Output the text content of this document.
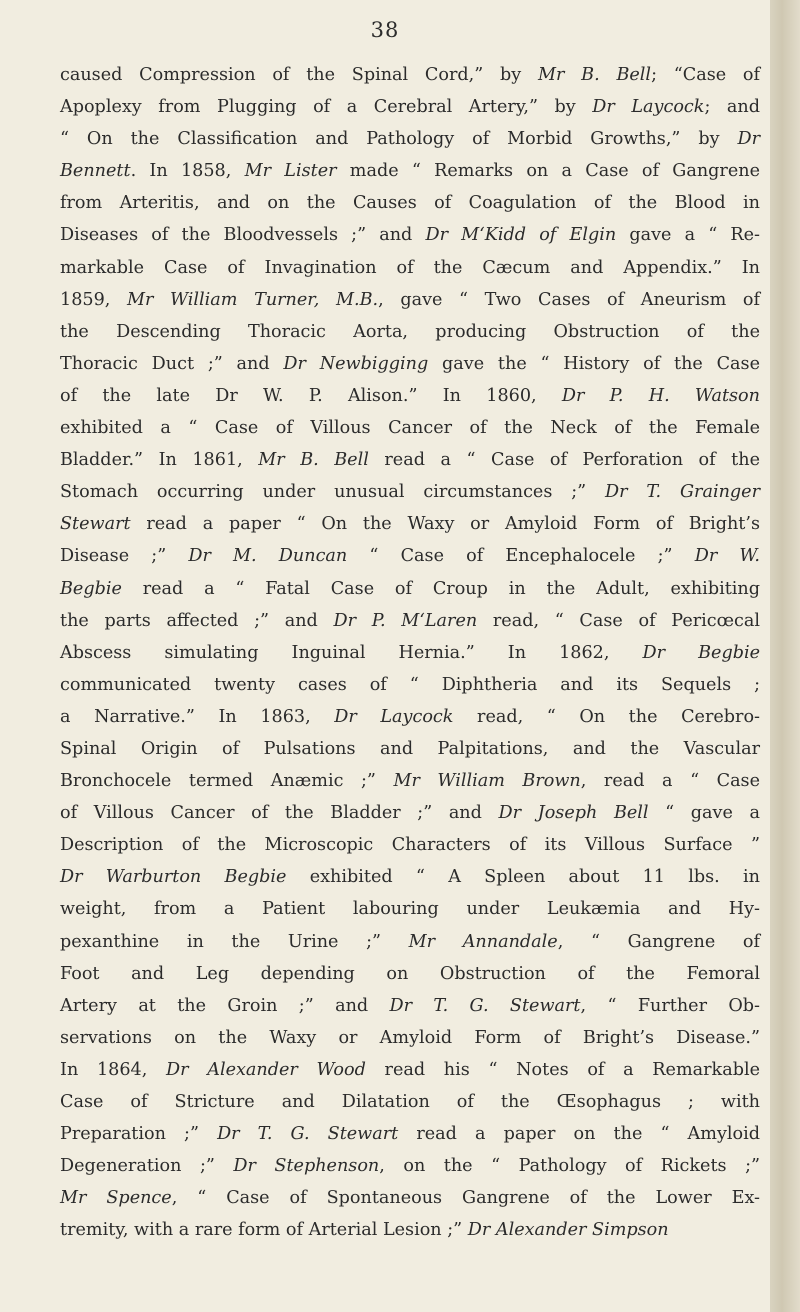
38
caused Compression of the Spinal Cord,” by Mr B. Bell; “Case of
Apoplexy from Plugging of a Cerebral Artery,” by Dr Laycock; and
“ On the Classification and Pathology of Morbid Growths,” by Dr
Bennett. In 1858, Mr Lister made “ Remarks on a Case of Gangrene
from Arteritis, and on the Causes of Coagulation of the Blood in
Diseases of the Bloodvessels ;” and Dr M‘Kidd of Elgin gave a “ Re-
markable Case of Invagination of the Cæcum and Appendix.” In
1859, Mr William Turner, M.B., gave “ Two Cases of Aneurism of
the Descending Thoracic Aorta, producing Obstruction of the
Thoracic Duct ;” and Dr Newbigging gave the “ History of the Case
of the late Dr W. P. Alison.” In 1860, Dr P. H. Watson
exhibited a “ Case of Villous Cancer of the Neck of the Female
Bladder.” In 1861, Mr B. Bell read a “ Case of Perforation of the
Stomach occurring under unusual circumstances ;” Dr T. Grainger
Stewart read a paper “ On the Waxy or Amyloid Form of Bright’s
Disease ;” Dr M. Duncan “ Case of Encephalocele ;” Dr W.
Begbie read a “ Fatal Case of Croup in the Adult, exhibiting
the parts affected ;” and Dr P. M‘Laren read, “ Case of Pericœcal
Abscess simulating Inguinal Hernia.” In 1862, Dr Begbie
communicated twenty cases of “ Diphtheria and its Sequels ;
a Narrative.” In 1863, Dr Laycock read, “ On the Cerebro-
Spinal Origin of Pulsations and Palpitations, and the Vascular
Bronchocele termed Anæmic ;” Mr William Brown, read a “ Case
of Villous Cancer of the Bladder ;” and Dr Joseph Bell “ gave a
Description of the Microscopic Characters of its Villous Surface ”
Dr Warburton Begbie exhibited “ A Spleen about 11 lbs. in
weight, from a Patient labouring under Leukæmia and Hy-
pexanthine in the Urine ;” Mr Annandale, “ Gangrene of
Foot and Leg depending on Obstruction of the Femoral
Artery at the Groin ;” and Dr T. G. Stewart, “ Further Ob-
servations on the Waxy or Amyloid Form of Bright’s Disease.”
In 1864, Dr Alexander Wood read his “ Notes of a Remarkable
Case of Stricture and Dilatation of the Œsophagus ; with
Preparation ;” Dr T. G. Stewart read a paper on the “ Amyloid
Degeneration ;” Dr Stephenson, on the “ Pathology of Rickets ;”
Mr Spence, “ Case of Spontaneous Gangrene of the Lower Ex-
tremity, with a rare form of Arterial Lesion ;” Dr Alexander Simpson
